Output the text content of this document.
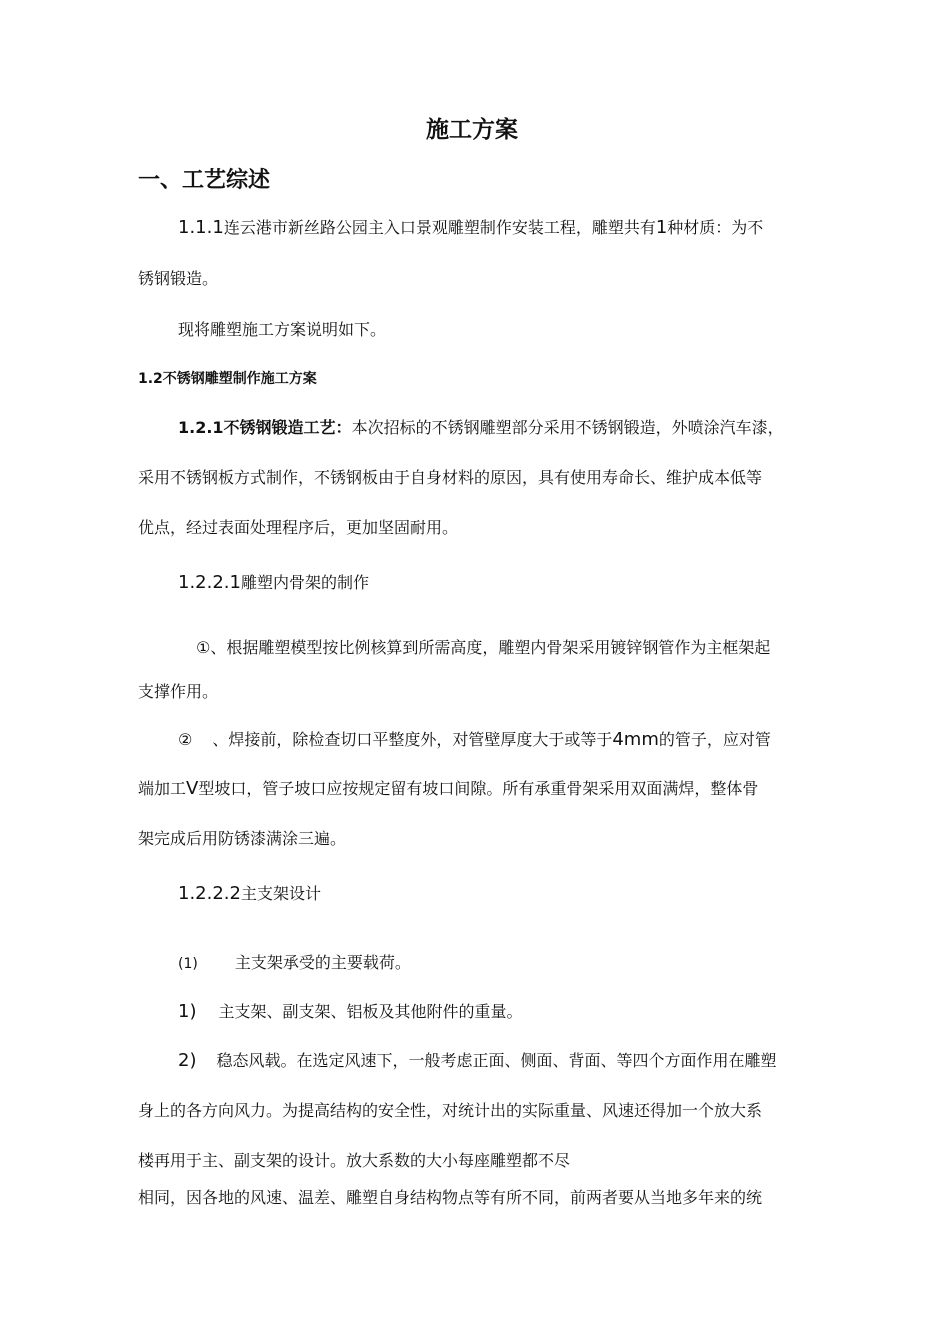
施工方案
一、工艺综述
1.1.1连云港市新丝路公园主入口景观雕塑制作安装工程，雕塑共有1种材质：为不
锈钢锻造。
现将雕塑施工方案说明如下。
1.2不锈钢雕塑制作施工方案
1.2.1不锈钢锻造工艺：本次招标的不锈钢雕塑部分采用不锈钢锻造，外喷涂汽车漆，
采用不锈钢板方式制作，不锈钢板由于自身材料的原因，具有使用寿命长、维护成本低等
优点，经过表面处理程序后，更加坚固耐用。
1.2.2.1雕塑内骨架的制作
①、根据雕塑模型按比例核算到所需高度，雕塑内骨架采用镀锌钢管作为主框架起
支撑作用。
② 、焊接前，除检查切口平整度外，对管壁厚度大于或等于4mm的管子，应对管
端加工V型坡口，管子坡口应按规定留有坡口间隙。所有承重骨架采用双面满焊，整体骨
架完成后用防锈漆满涂三遍。
1.2.2.2主支架设计
(1) 主支架承受的主要载荷。
1) 主支架、副支架、铝板及其他附件的重量。
2) 稳态风载。在选定风速下，一般考虑正面、侧面、背面、等四个方面作用在雕塑
身上的各方向风力。为提高结构的安全性，对统计出的实际重量、风速还得加一个放大系
楼再用于主、副支架的设计。放大系数的大小每座雕塑都不尽
相同，因各地的风速、温差、雕塑自身结构物点等有所不同，前两者要从当地多年来的统
